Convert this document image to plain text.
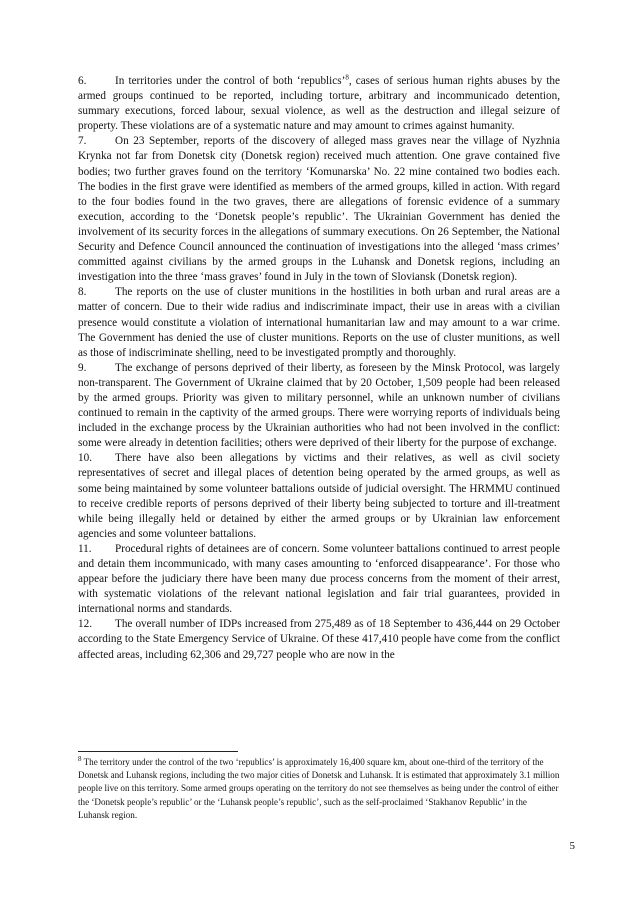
6.	In territories under the control of both ‘republics’$^8$, cases of serious human rights abuses by the armed groups continued to be reported, including torture, arbitrary and incommunicado detention, summary executions, forced labour, sexual violence, as well as the destruction and illegal seizure of property. These violations are of a systematic nature and may amount to crimes against humanity.

7.	On 23 September, reports of the discovery of alleged mass graves near the village of Nyzhnia Krynka not far from Donetsk city (Donetsk region) received much attention. One grave contained five bodies; two further graves found on the territory ‘Komunarska’ No. 22 mine contained two bodies each. The bodies in the first grave were identified as members of the armed groups, killed in action. With regard to the four bodies found in the two graves, there are allegations of forensic evidence of a summary execution, according to the ‘Donetsk people’s republic’. The Ukrainian Government has denied the involvement of its security forces in the allegations of summary executions. On 26 September, the National Security and Defence Council announced the continuation of investigations into the alleged ‘mass crimes’ committed against civilians by the armed groups in the Luhansk and Donetsk regions, including an investigation into the three ‘mass graves’ found in July in the town of Sloviansk (Donetsk region).

8.	The reports on the use of cluster munitions in the hostilities in both urban and rural areas are a matter of concern. Due to their wide radius and indiscriminate impact, their use in areas with a civilian presence would constitute a violation of international humanitarian law and may amount to a war crime. The Government has denied the use of cluster munitions. Reports on the use of cluster munitions, as well as those of indiscriminate shelling, need to be investigated promptly and thoroughly.

9.	The exchange of persons deprived of their liberty, as foreseen by the Minsk Protocol, was largely non-transparent. The Government of Ukraine claimed that by 20 October, 1,509 people had been released by the armed groups. Priority was given to military personnel, while an unknown number of civilians continued to remain in the captivity of the armed groups. There were worrying reports of individuals being included in the exchange process by the Ukrainian authorities who had not been involved in the conflict: some were already in detention facilities; others were deprived of their liberty for the purpose of exchange.

10. There have also been allegations by victims and their relatives, as well as civil society representatives of secret and illegal places of detention being operated by the armed groups, as well as some being maintained by some volunteer battalions outside of judicial oversight. The HRMMU continued to receive credible reports of persons deprived of their liberty being subjected to torture and ill-treatment while being illegally held or detained by either the armed groups or by Ukrainian law enforcement agencies and some volunteer battalions.

11. Procedural rights of detainees are of concern. Some volunteer battalions continued to arrest people and detain them incommunicado, with many cases amounting to ‘enforced disappearance’. For those who appear before the judiciary there have been many due process concerns from the moment of their arrest, with systematic violations of the relevant national legislation and fair trial guarantees, provided in international norms and standards.

12. The overall number of IDPs increased from 275,489 as of 18 September to 436,444 on 29 October according to the State Emergency Service of Ukraine. Of these 417,410 people have come from the conflict affected areas, including 62,306 and 29,727 people who are now in the

$^8$ The territory under the control of the two ‘republics’ is approximately 16,400 square km, about one-third of the territory of the Donetsk and Luhansk regions, including the two major cities of Donetsk and Luhansk. It is estimated that approximately 3.1 million people live on this territory. Some armed groups operating on the territory do not see themselves as being under the control of either the ‘Donetsk people’s republic’ or the ‘Luhansk people’s republic’, such as the self-proclaimed ‘Stakhanov Republic’ in the Luhansk region.

5
